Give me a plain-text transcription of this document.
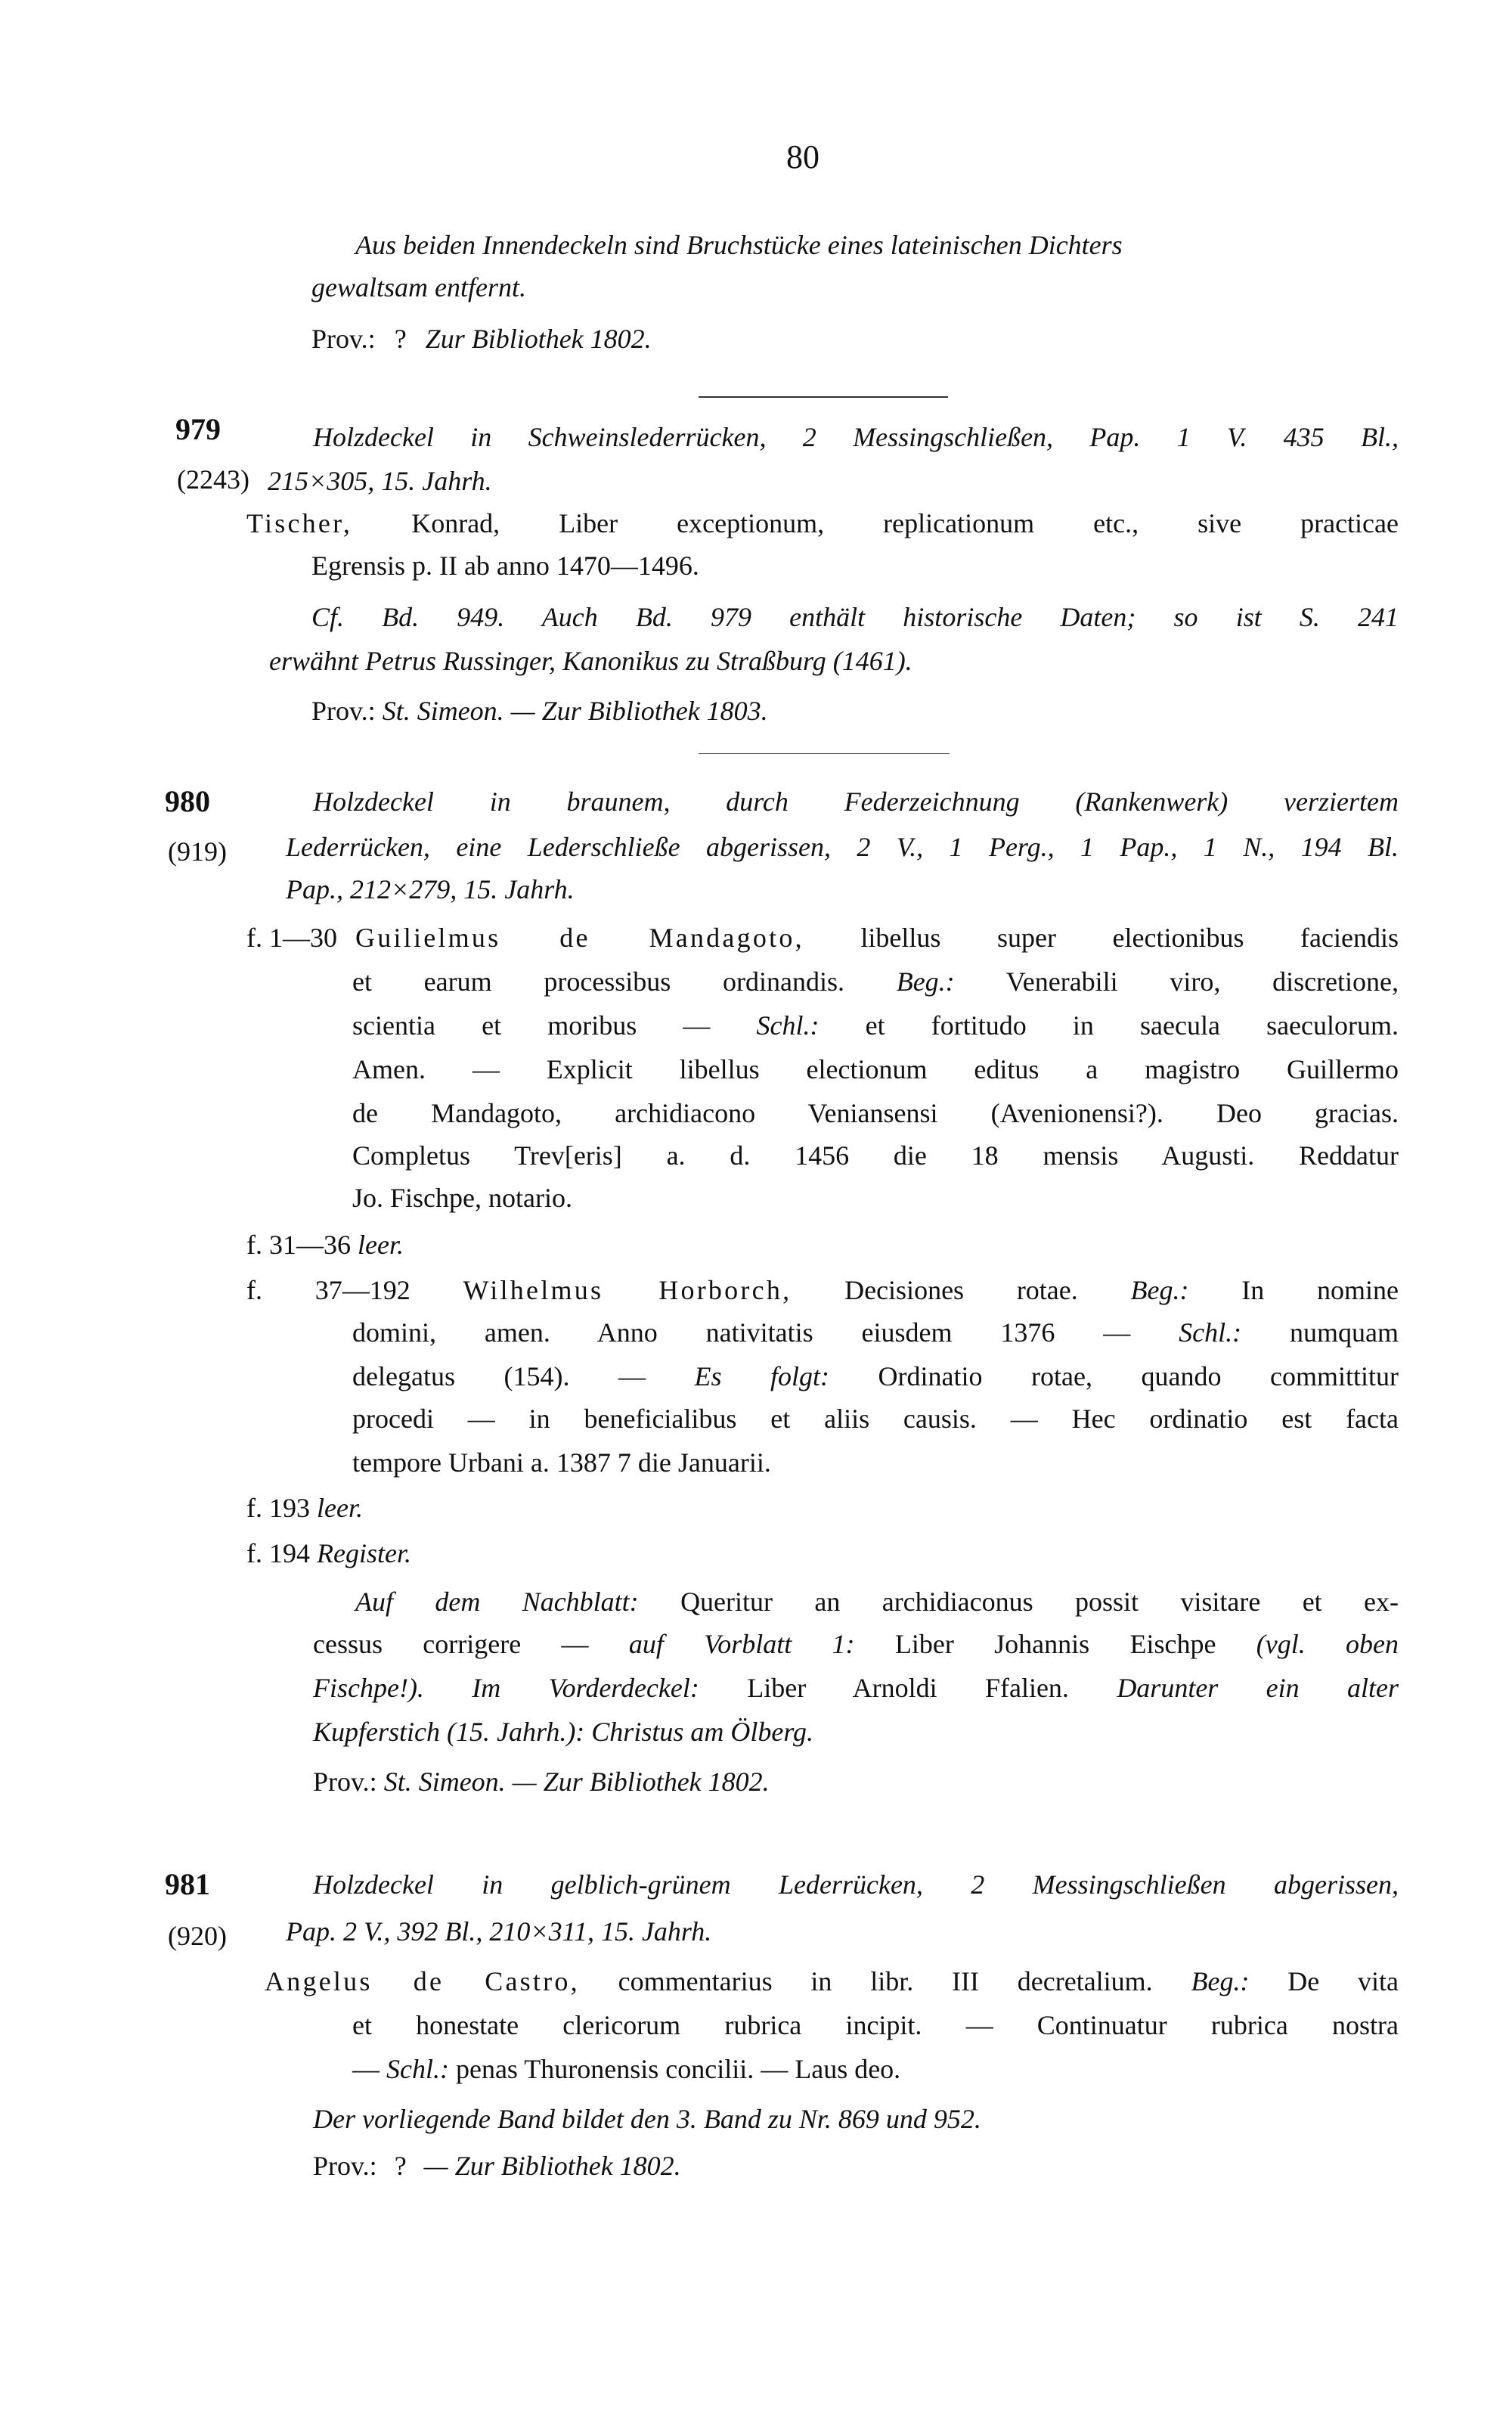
80
Aus beiden Innendeckeln sind Bruchstücke eines lateinischen Dichters
gewaltsam entfernt.
Prov.: ? Zur Bibliothek 1802.
979
(2243)
Holzdeckel in Schweinslederrücken, 2 Messingschließen, Pap. 1 V. 435 Bl.,
215×305, 15. Jahrh.
Tischer, Konrad, Liber exceptionum, replicationum etc., sive practicae
Egrensis p. II ab anno 1470—1496.
Cf. Bd. 949. Auch Bd. 979 enthält historische Daten; so ist S. 241
erwähnt Petrus Russinger, Kanonikus zu Straßburg (1461).
Prov.: St. Simeon. — Zur Bibliothek 1803.
980
(919)
Holzdeckel in braunem, durch Federzeichnung (Rankenwerk) verziertem
Lederrücken, eine Lederschließe abgerissen, 2 V., 1 Perg., 1 Pap., 1 N., 194 Bl.
Pap., 212×279, 15. Jahrh.
f. 1—30 Guilielmus de Mandagoto, libellus super electionibus faciendis
et earum processibus ordinandis. Beg.: Venerabili viro, discretione,
scientia et moribus — Schl.: et fortitudo in saecula saeculorum.
Amen. — Explicit libellus electionum editus a magistro Guillermo
de Mandagoto, archidiacono Veniansensi (Avenionensi?). Deo gracias.
Completus Trev[eris] a. d. 1456 die 18 mensis Augusti. Reddatur
Jo. Fischpe, notario.
f. 31—36 leer.
f. 37—192 Wilhelmus Horborch, Decisiones rotae. Beg.: In nomine
domini, amen. Anno nativitatis eiusdem 1376 — Schl.: numquam
delegatus (154). — Es folgt: Ordinatio rotae, quando committitur
procedi — in beneficialibus et aliis causis. — Hec ordinatio est facta
tempore Urbani a. 1387 7 die Januarii.
f. 193 leer.
f. 194 Register.
Auf dem Nachblatt: Queritur an archidiaconus possit visitare et ex-
cessus corrigere — auf Vorblatt 1: Liber Johannis Eischpe (vgl. oben
Fischpe!). Im Vorderdeckel: Liber Arnoldi Ffalien. Darunter ein alter
Kupferstich (15. Jahrh.): Christus am Ölberg.
Prov.: St. Simeon. — Zur Bibliothek 1802.
981
(920)
Holzdeckel in gelblich-grünem Lederrücken, 2 Messingschließen abgerissen,
Pap. 2 V., 392 Bl., 210×311, 15. Jahrh.
Angelus de Castro, commentarius in libr. III decretalium. Beg.: De vita
et honestate clericorum rubrica incipit. — Continuatur rubrica nostra
— Schl.: penas Thuronensis concilii. — Laus deo.
Der vorliegende Band bildet den 3. Band zu Nr. 869 und 952.
Prov.: ? — Zur Bibliothek 1802.
